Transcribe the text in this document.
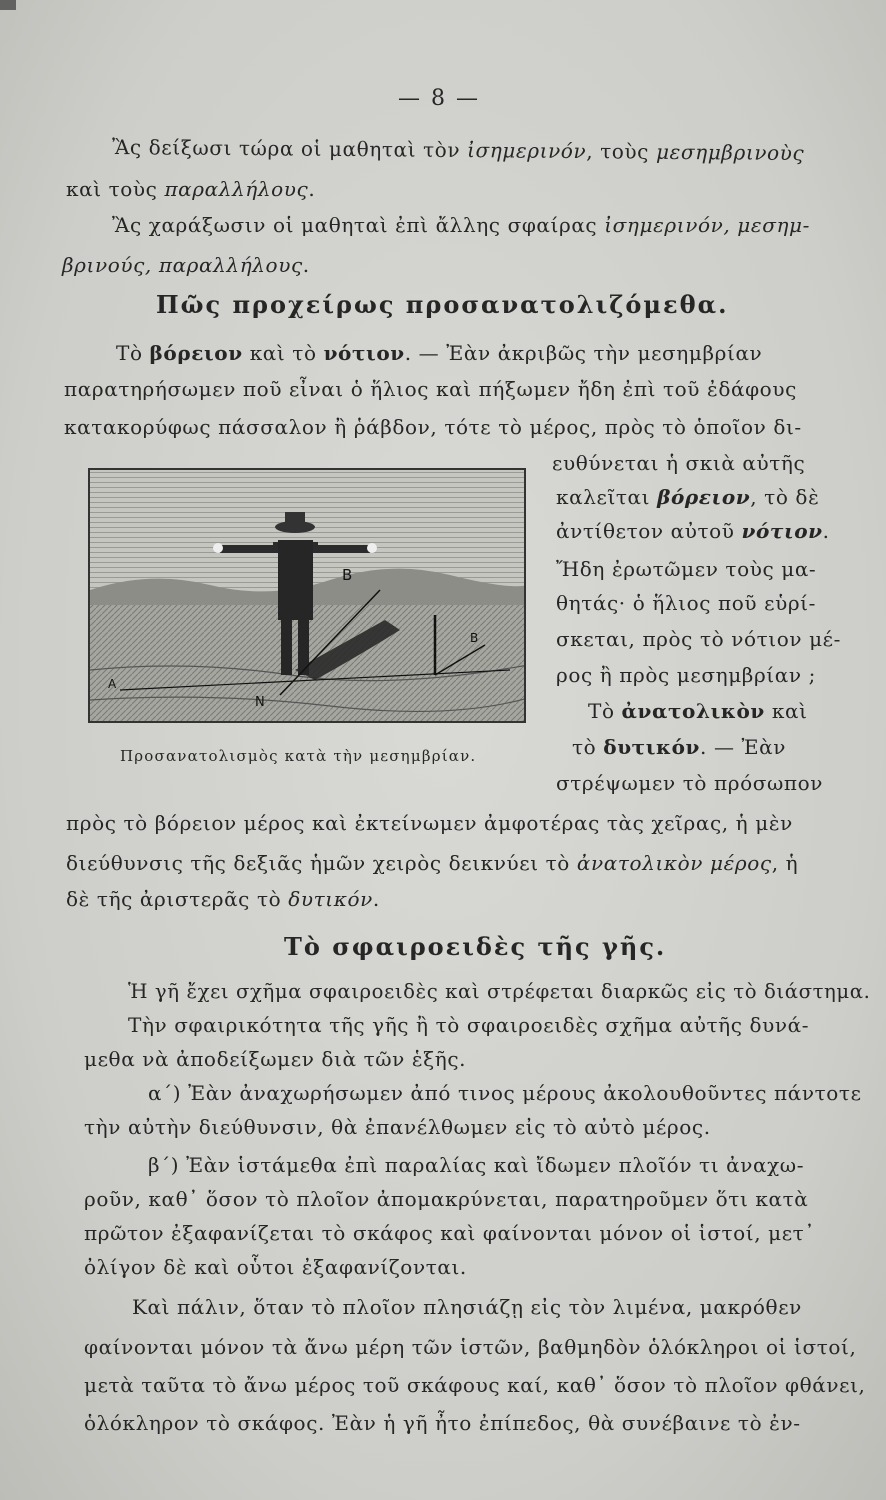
— 8 —
Ἂς δείξωσι τώρα οἱ μαθηταὶ τὸν ἰσημερινόν, τοὺς μεσημβρινοὺς
καὶ τοὺς παραλλήλους.
Ἂς χαράξωσιν οἱ μαθηταὶ ἐπὶ ἄλλης σφαίρας ἰσημερινόν, μεσημ-
βρινούς, παραλλήλους.
Πῶς προχείρως προσανατολιζόμεθα.
Τὸ βόρειον καὶ τὸ νότιον. — Ἐὰν ἀκριβῶς τὴν μεσημβρίαν
παρατηρήσωμεν ποῦ εἶναι ὁ ἥλιος καὶ πήξωμεν ἤδη ἐπὶ τοῦ ἐδάφους
κατακορύφως πάσσαλον ἢ ῥάβδον, τότε τὸ μέρος, πρὸς τὸ ὁποῖον δι-
ευθύνεται ἡ σκιὰ αὐτῆς
καλεῖται βόρειον, τὸ δὲ
ἀντίθετον αὐτοῦ νότιον.
Ἤδη ἐρωτῶμεν τοὺς μα-
θητάς· ὁ ἥλιος ποῦ εὑρί-
σκεται, πρὸς τὸ νότιον μέ-
ρος ἢ πρὸς μεσημβρίαν ;
Τὸ ἀνατολικὸν καὶ
τὸ δυτικόν. — Ἐὰν
στρέψωμεν τὸ πρόσωπον
πρὸς τὸ βόρειον μέρος καὶ ἐκτείνωμεν ἀμφοτέρας τὰς χεῖρας, ἡ μὲν
διεύθυνσις τῆς δεξιᾶς ἡμῶν χειρὸς δεικνύει τὸ ἀνατολικὸν μέρος, ἡ
δὲ τῆς ἀριστερᾶς τὸ δυτικόν.
B
B
N
A
Προσανατολισμὸς κατὰ τὴν μεσημβρίαν.
Τὸ σφαιροειδὲς τῆς γῆς.
Ἡ γῆ ἔχει σχῆμα σφαιροειδὲς καὶ στρέφεται διαρκῶς εἰς τὸ διάστημα.
Τὴν σφαιρικότητα τῆς γῆς ἢ τὸ σφαιροειδὲς σχῆμα αὐτῆς δυνά-
μεθα νὰ ἀποδείξωμεν διὰ τῶν ἑξῆς.
α΄) Ἐὰν ἀναχωρήσωμεν ἀπό τινος μέρους ἀκολουθοῦντες πάντοτε
τὴν αὐτὴν διεύθυνσιν, θὰ ἐπανέλθωμεν εἰς τὸ αὐτὸ μέρος.
β΄) Ἐὰν ἱστάμεθα ἐπὶ παραλίας καὶ ἴδωμεν πλοῖόν τι ἀναχω-
ροῦν, καθ᾽ ὅσον τὸ πλοῖον ἀπομακρύνεται, παρατηροῦμεν ὅτι κατὰ
πρῶτον ἐξαφανίζεται τὸ σκάφος καὶ φαίνονται μόνον οἱ ἱστοί, μετ᾽
ὀλίγον δὲ καὶ οὗτοι ἐξαφανίζονται.
Καὶ πάλιν, ὅταν τὸ πλοῖον πλησιάζῃ εἰς τὸν λιμένα, μακρόθεν
φαίνονται μόνον τὰ ἄνω μέρη τῶν ἱστῶν, βαθμηδὸν ὁλόκληροι οἱ ἱστοί,
μετὰ ταῦτα τὸ ἄνω μέρος τοῦ σκάφους καί, καθ᾽ ὅσον τὸ πλοῖον φθάνει,
ὁλόκληρον τὸ σκάφος. Ἐὰν ἡ γῆ ἦτο ἐπίπεδος, θὰ συνέβαινε τὸ ἐν-
